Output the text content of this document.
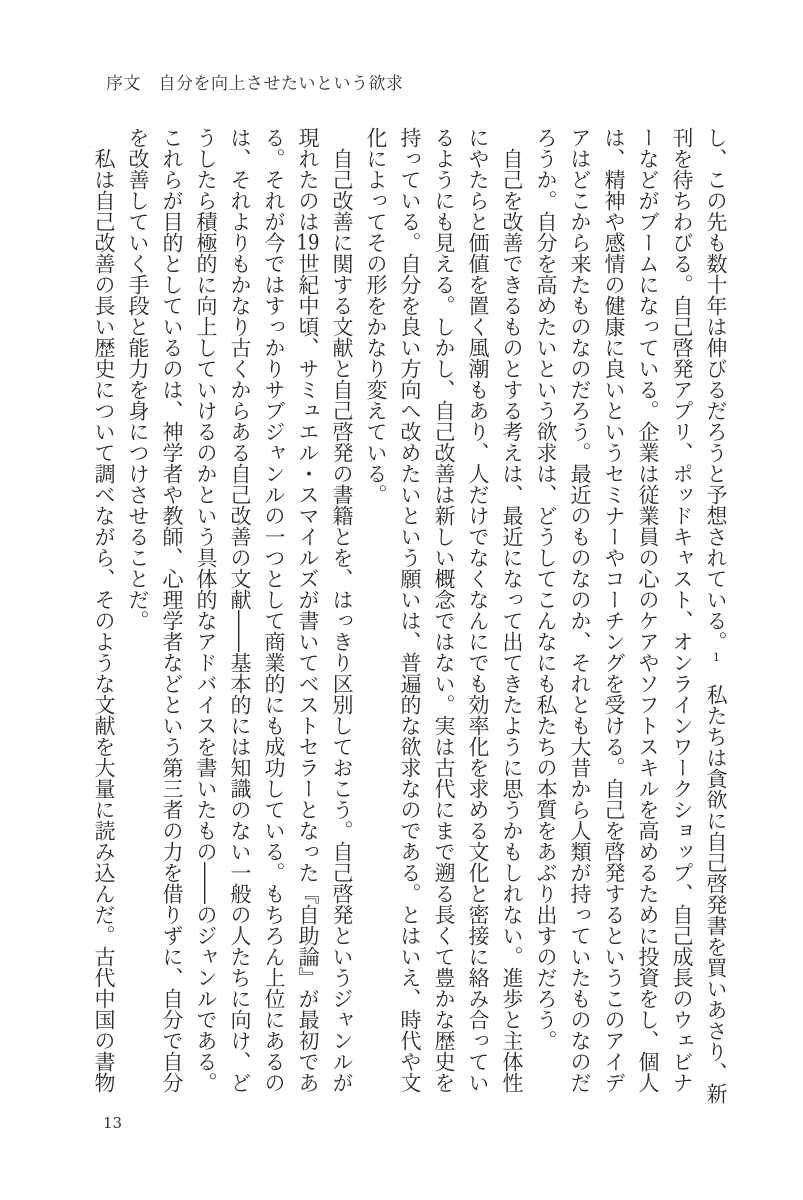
序文　自分を向上させたいという欲求

し、この先も数十年は伸びるだろうと予想されている。1　私たちは貪欲に自己啓発書を買いあさり、新刊を待ちわびる。自己啓発アプリ、ポッドキャスト、オンラインワークショップ、自己成長のウェビナーなどがブームになっている。企業は従業員の心のケアやソフトスキルを高めるために投資をし、個人は、精神や感情の健康に良いというセミナーやコーチングを受ける。自己を啓発するというこのアイデアはどこから来たものなのだろう。最近のものなのか、それとも大昔から人類が持っていたものなのだろうか。自分を高めたいという欲求は、どうしてこんなにも私たちの本質をあぶり出すのだろう。

自己を改善できるものとする考えは、最近になって出てきたように思うかもしれない。進歩と主体性にやたらと価値を置く風潮もあり、人だけでなくなんにでも効率化を求める文化と密接に絡み合っているようにも見える。しかし、自己改善は新しい概念ではない。実は古代にまで遡る長くて豊かな歴史を持っている。自分を良い方向へ改めたいという願いは、普遍的な欲求なのである。とはいえ、時代や文化によってその形をかなり変えている。

自己改善に関する文献と自己啓発の書籍とを、はっきり区別しておこう。自己啓発というジャンルが現れたのは19世紀中頃、サミュエル・スマイルズが書いてベストセラーとなった『自助論』が最初である。それが今ではすっかりサブジャンルの一つとして商業的にも成功している。もちろん上位にあるのは、それよりもかなり古くからある自己改善の文献――基本的には知識のない一般の人たちに向け、どうしたら積極的に向上していけるのかという具体的なアドバイスを書いたもの――のジャンルである。これらが目的としているのは、神学者や教師、心理学者などという第三者の力を借りずに、自分で自分を改善していく手段と能力を身につけさせることだ。

私は自己改善の長い歴史について調べながら、そのような文献を大量に読み込んだ。古代中国の書物

13
